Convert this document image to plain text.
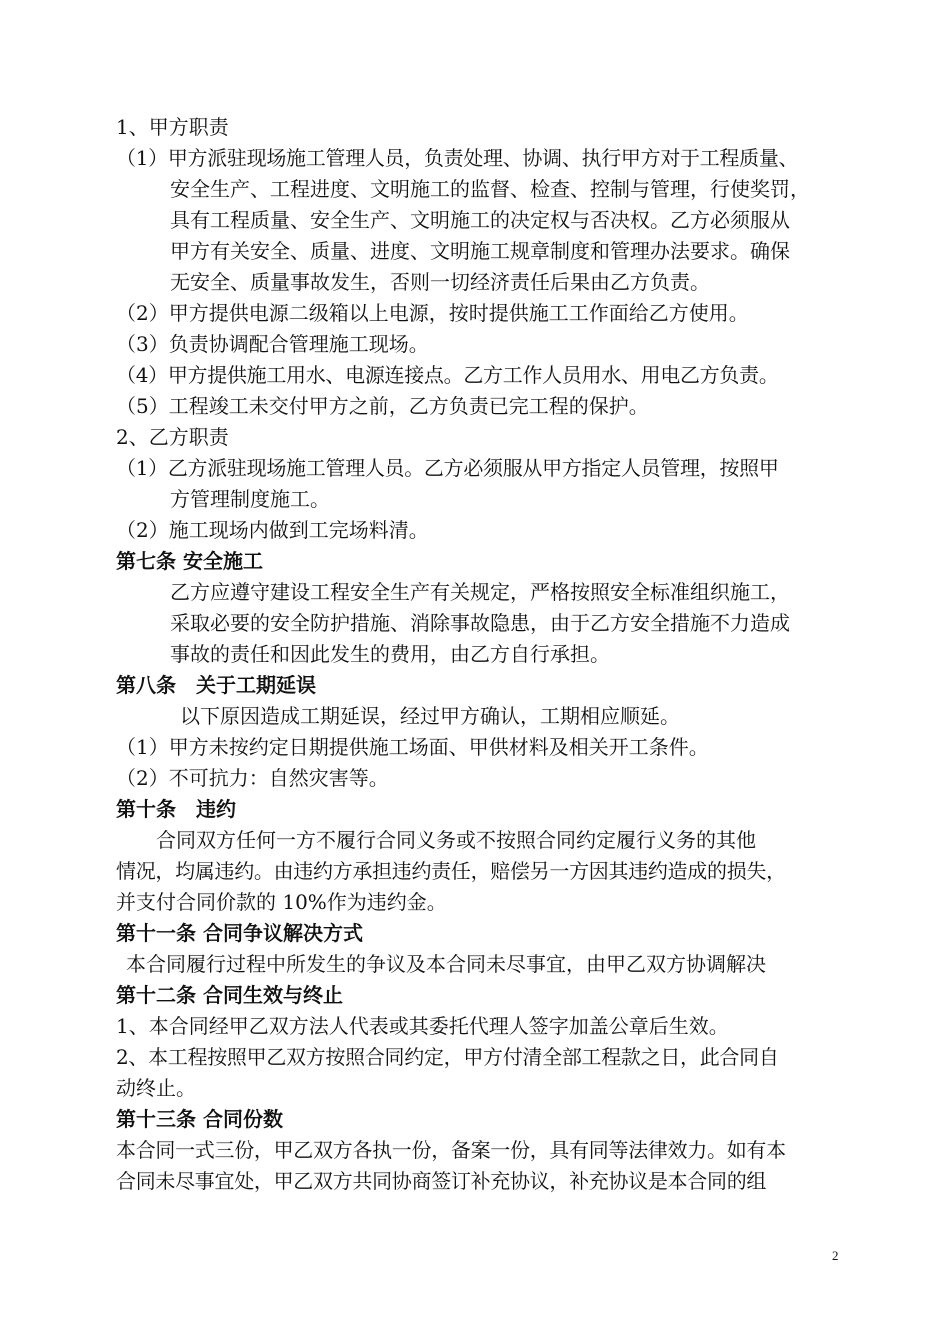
1、甲方职责
（1）甲方派驻现场施工管理人员，负责处理、协调、执行甲方对于工程质量、
安全生产、工程进度、文明施工的监督、检查、控制与管理，行使奖罚，
具有工程质量、安全生产、文明施工的决定权与否决权。乙方必须服从
甲方有关安全、质量、进度、文明施工规章制度和管理办法要求。确保
无安全、质量事故发生，否则一切经济责任后果由乙方负责。
（2）甲方提供电源二级箱以上电源，按时提供施工工作面给乙方使用。
（3）负责协调配合管理施工现场。
（4）甲方提供施工用水、电源连接点。乙方工作人员用水、用电乙方负责。
（5）工程竣工未交付甲方之前，乙方负责已完工程的保护。
2、乙方职责
（1）乙方派驻现场施工管理人员。乙方必须服从甲方指定人员管理，按照甲
方管理制度施工。
（2）施工现场内做到工完场料清。
第七条 安全施工
乙方应遵守建设工程安全生产有关规定，严格按照安全标准组织施工，
采取必要的安全防护措施、消除事故隐患，由于乙方安全措施不力造成
事故的责任和因此发生的费用，由乙方自行承担。
第八条　关于工期延误
以下原因造成工期延误，经过甲方确认，工期相应顺延。
（1）甲方未按约定日期提供施工场面、甲供材料及相关开工条件。
（2）不可抗力：自然灾害等。
第十条　违约
合同双方任何一方不履行合同义务或不按照合同约定履行义务的其他
情况，均属违约。由违约方承担违约责任，赔偿另一方因其违约造成的损失，
并支付合同价款的 10%作为违约金。
第十一条 合同争议解决方式
本合同履行过程中所发生的争议及本合同未尽事宜，由甲乙双方协调解决
第十二条 合同生效与终止
1、本合同经甲乙双方法人代表或其委托代理人签字加盖公章后生效。
2、本工程按照甲乙双方按照合同约定，甲方付清全部工程款之日，此合同自
动终止。
第十三条 合同份数
本合同一式三份，甲乙双方各执一份，备案一份，具有同等法律效力。如有本
合同未尽事宜处，甲乙双方共同协商签订补充协议，补充协议是本合同的组
2
